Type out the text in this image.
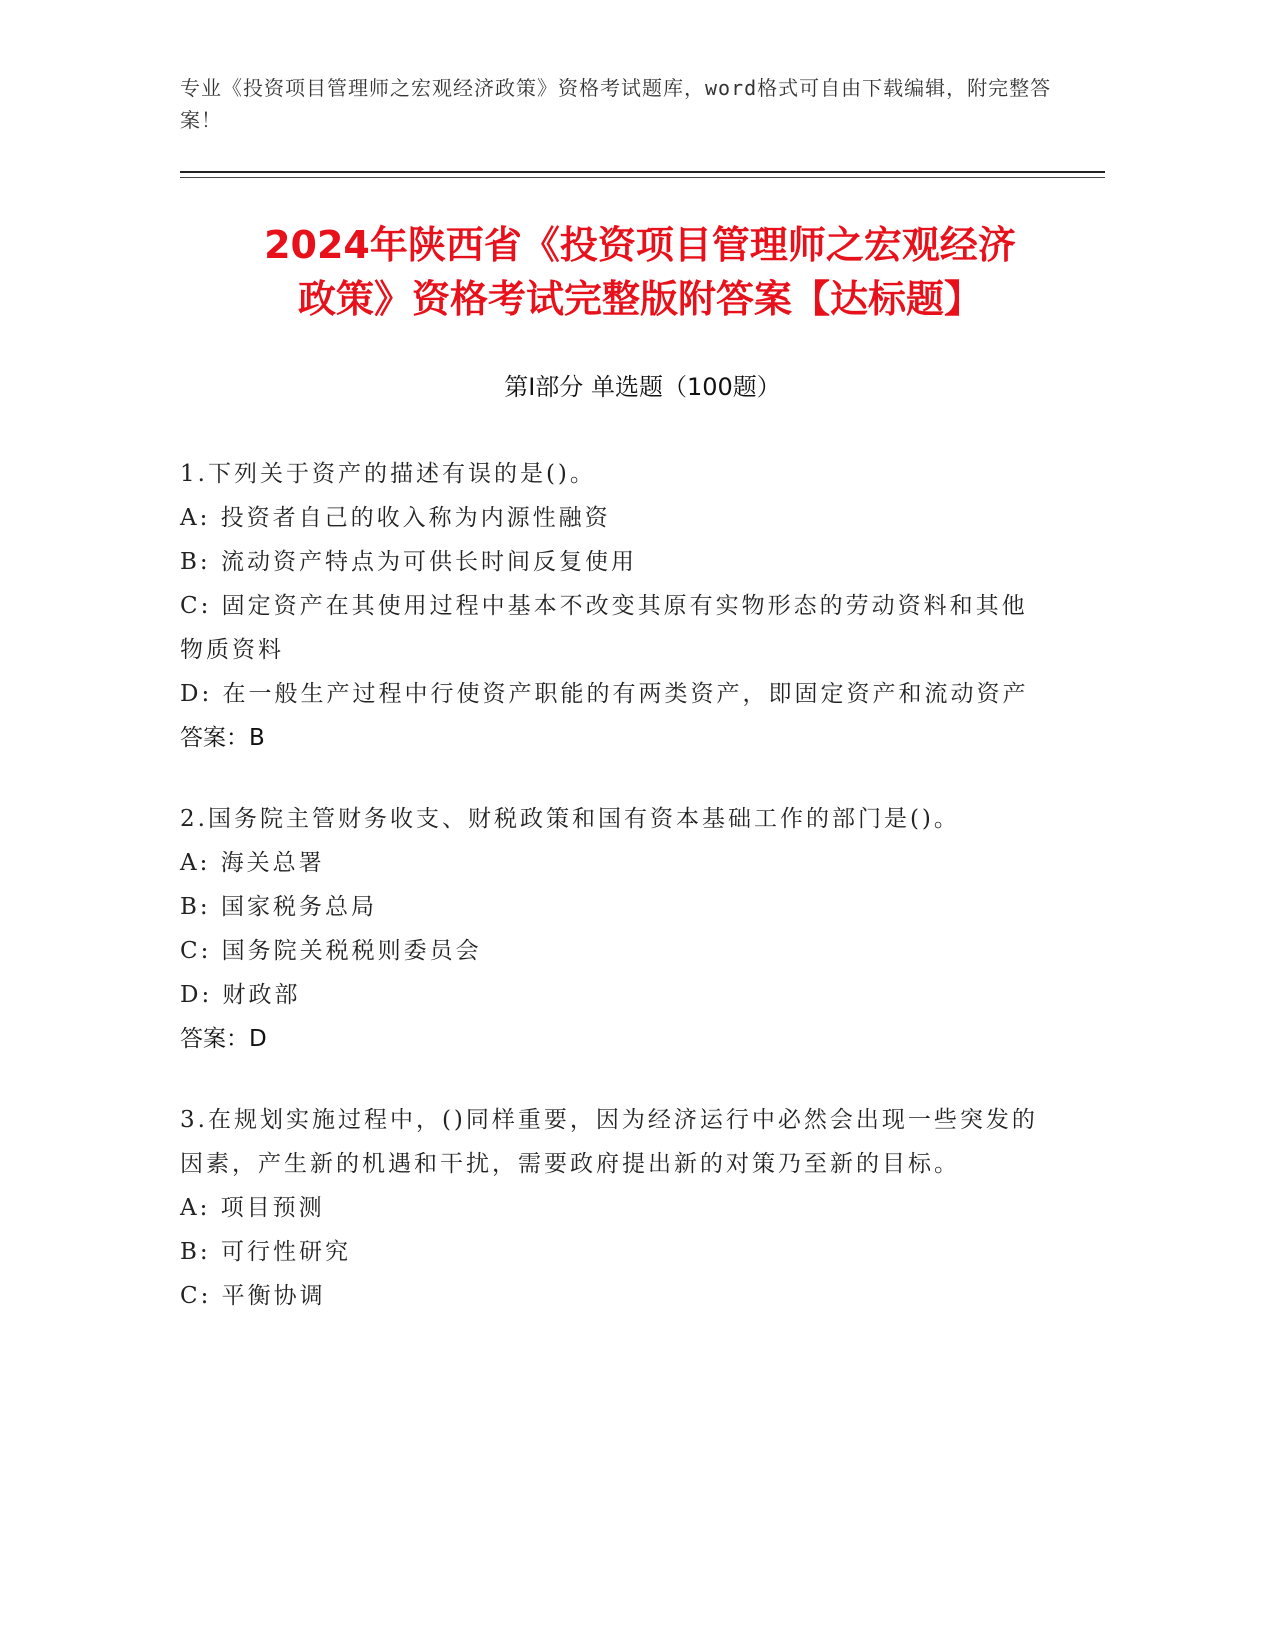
专业《投资项目管理师之宏观经济政策》资格考试题库，word格式可自由下载编辑，附完整答案！
2024年陕西省《投资项目管理师之宏观经济
政策》资格考试完整版附答案【达标题】
第I部分 单选题（100题）
1.下列关于资产的描述有误的是()。
A: 投资者自己的收入称为内源性融资
B: 流动资产特点为可供长时间反复使用
C: 固定资产在其使用过程中基本不改变其原有实物形态的劳动资料和其他物质资料
D: 在一般生产过程中行使资产职能的有两类资产，即固定资产和流动资产
答案：B
2.国务院主管财务收支、财税政策和国有资本基础工作的部门是()。
A: 海关总署
B: 国家税务总局
C: 国务院关税税则委员会
D: 财政部
答案：D
3.在规划实施过程中，()同样重要，因为经济运行中必然会出现一些突发的因素，产生新的机遇和干扰，需要政府提出新的对策乃至新的目标。
A: 项目预测
B: 可行性研究
C: 平衡协调
